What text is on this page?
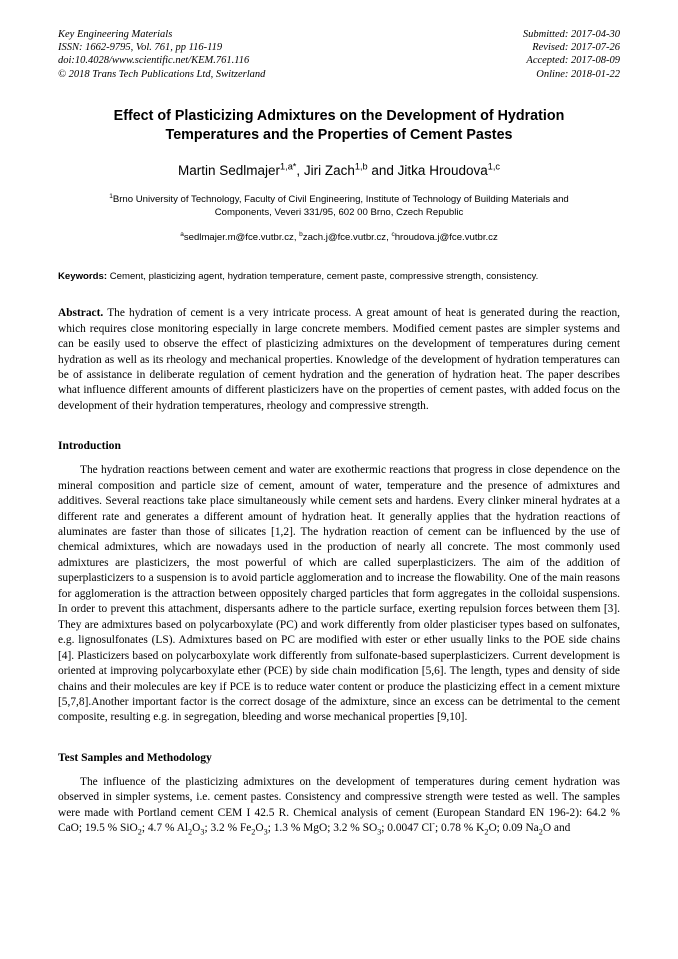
Key Engineering Materials
ISSN: 1662-9795, Vol. 761, pp 116-119
doi:10.4028/www.scientific.net/KEM.761.116
© 2018 Trans Tech Publications Ltd, Switzerland
Submitted: 2017-04-30
Revised: 2017-07-26
Accepted: 2017-08-09
Online: 2018-01-22
Effect of Plasticizing Admixtures on the Development of Hydration
Temperatures and the Properties of Cement Pastes
Martin Sedlmajer$^{1,a*}$, Jiri Zach$^{1,b}$ and Jitka Hroudova$^{1,c}$
$^1$Brno University of Technology, Faculty of Civil Engineering, Institute of Technology of Building Materials and Components, Veveri 331/95, 602 00 Brno, Czech Republic
$^a$sedlmajer.m@fce.vutbr.cz, $^b$zach.j@fce.vutbr.cz, $^c$hroudova.j@fce.vutbr.cz
Keywords: Cement, plasticizing agent, hydration temperature, cement paste, compressive strength, consistency.
Abstract. The hydration of cement is a very intricate process. A great amount of heat is generated during the reaction, which requires close monitoring especially in large concrete members. Modified cement pastes are simpler systems and can be easily used to observe the effect of plasticizing admixtures on the development of temperatures during cement hydration as well as its rheology and mechanical properties. Knowledge of the development of hydration temperatures can be of assistance in deliberate regulation of cement hydration and the generation of hydration heat. The paper describes what influence different amounts of different plasticizers have on the properties of cement pastes, with added focus on the development of their hydration temperatures, rheology and compressive strength.
Introduction

The hydration reactions between cement and water are exothermic reactions that progress in close dependence on the mineral composition and particle size of cement, amount of water, temperature and the presence of admixtures and additives. Several reactions take place simultaneously while cement sets and hardens. Every clinker mineral hydrates at a different rate and generates a different amount of hydration heat. It generally applies that the hydration reactions of aluminates are faster than those of silicates [1,2]. The hydration reaction of cement can be influenced by the use of chemical admixtures, which are nowadays used in the production of nearly all concrete. The most commonly used admixtures are plasticizers, the most powerful of which are called superplasticizers. The aim of the addition of superplasticizers to a suspension is to avoid particle agglomeration and to increase the flowability. One of the main reasons for agglomeration is the attraction between oppositely charged particles that form aggregates in the colloidal suspensions. In order to prevent this attachment, dispersants adhere to the particle surface, exerting repulsion forces between them [3]. They are admixtures based on polycarboxylate (PC) and work differently from older plasticiser types based on sulfonates, e.g. lignosulfonates (LS). Admixtures based on PC are modified with ester or ether usually links to the POE side chains [4]. Plasticizers based on polycarboxylate work differently from sulfonate-based superplasticizers. Current development is oriented at improving polycarboxylate ether (PCE) by side chain modification [5,6]. The length, types and density of side chains and their molecules are key if PCE is to reduce water content or produce the plasticizing effect in a cement mixture [5,7,8].Another important factor is the correct dosage of the admixture, since an excess can be detrimental to the cement composite, resulting e.g. in segregation, bleeding and worse mechanical properties [9,10].

Test Samples and Methodology

The influence of the plasticizing admixtures on the development of temperatures during cement hydration was observed in simpler systems, i.e. cement pastes. Consistency and compressive strength were tested as well. The samples were made with Portland cement CEM I 42.5 R. Chemical analysis of cement (European Standard EN 196-2): 64.2 % CaO; 19.5 % SiO$_2$; 4.7 % $Al_2O_3$; 3.2 % $Fe_2O_3$; 1.3 % MgO; 3.2 % $SO_3$; 0.0047 Cl-; 0.78 % $K_2O$; 0.09 $Na_2O$ and
